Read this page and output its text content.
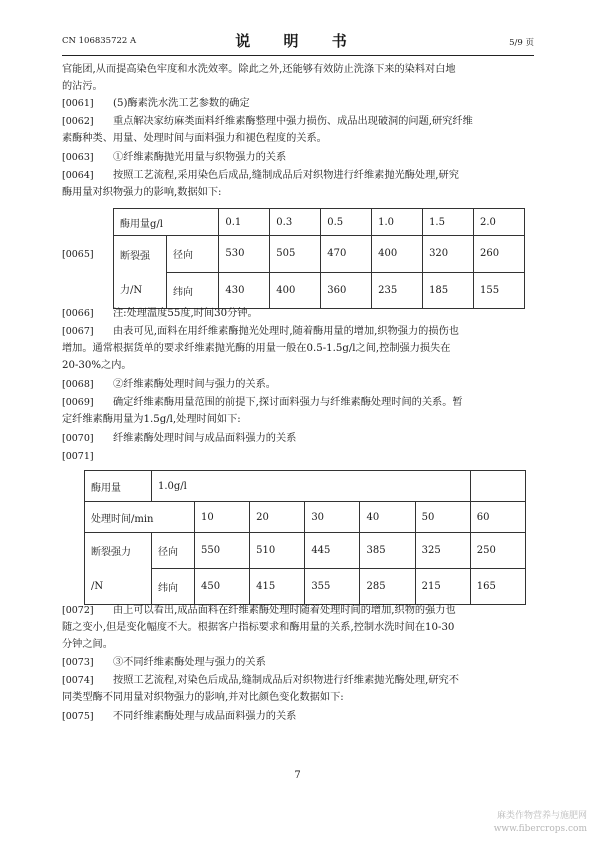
CN 106835722 A	说 明 书	5/9 页
官能团,从而提高染色牢度和水洗效率。除此之外,还能够有效防止洗涤下来的染料对白地
的沾污。
[0061] (5)酶素洗水洗工艺参数的确定
[0062] 重点解决家纺麻类面料纤维素酶整理中强力损伤、成品出现破洞的问题,研究纤维
素酶种类、用量、处理时间与面料强力和褪色程度的关系。
[0063] ①纤维素酶抛光用量与织物强力的关系
[0064] 按照工艺流程,采用染色后成品,缝制成品后对织物进行纤维素抛光酶处理,研究
酶用量对织物强力的影响,数据如下:
[0065]
酶用量g/l		0.1	0.3	0.5	1.0	1.5	2.0

断裂强
力/N	径向	530	505	470	400	320	260
	纬向	430	400	360	235	185	155
[0066] 注:处理温度55度,时间30分钟。
[0067] 由表可见,面料在用纤维素酶抛光处理时,随着酶用量的增加,织物强力的损伤也
增加。通常根据货单的要求纤维素抛光酶的用量一般在0.5-1.5g/l之间,控制强力损失在
20-30%之内。
[0068] ②纤维素酶处理时间与强力的关系。
[0069] 确定纤维素酶用量范围的前提下,探讨面料强力与纤维素酶处理时间的关系。暂
定纤维素酶用量为1.5g/l,处理时间如下:
[0070] 纤维素酶处理时间与成品面料强力的关系
[0071]
酶用量	1.0g/l						
处理时间/min		10	20	30	40	50	60

断裂强力
/N	径向	550	510	445	385	325	250
	纬向	450	415	355	285	215	165
[0072] 由上可以看出,成品面料在纤维素酶处理时随着处理时间的增加,织物的强力也
随之变小,但是变化幅度不大。根据客户指标要求和酶用量的关系,控制水洗时间在10-30
分钟之间。
[0073] ③不同纤维素酶处理与强力的关系
[0074] 按照工艺流程,对染色后成品,缝制成品后对织物进行纤维素抛光酶处理,研究不
同类型酶不同用量对织物强力的影响,并对比颜色变化数据如下:
[0075] 不同纤维素酶处理与成品面料强力的关系
7
麻类作物营养与施肥网
www.fibercrops.com
